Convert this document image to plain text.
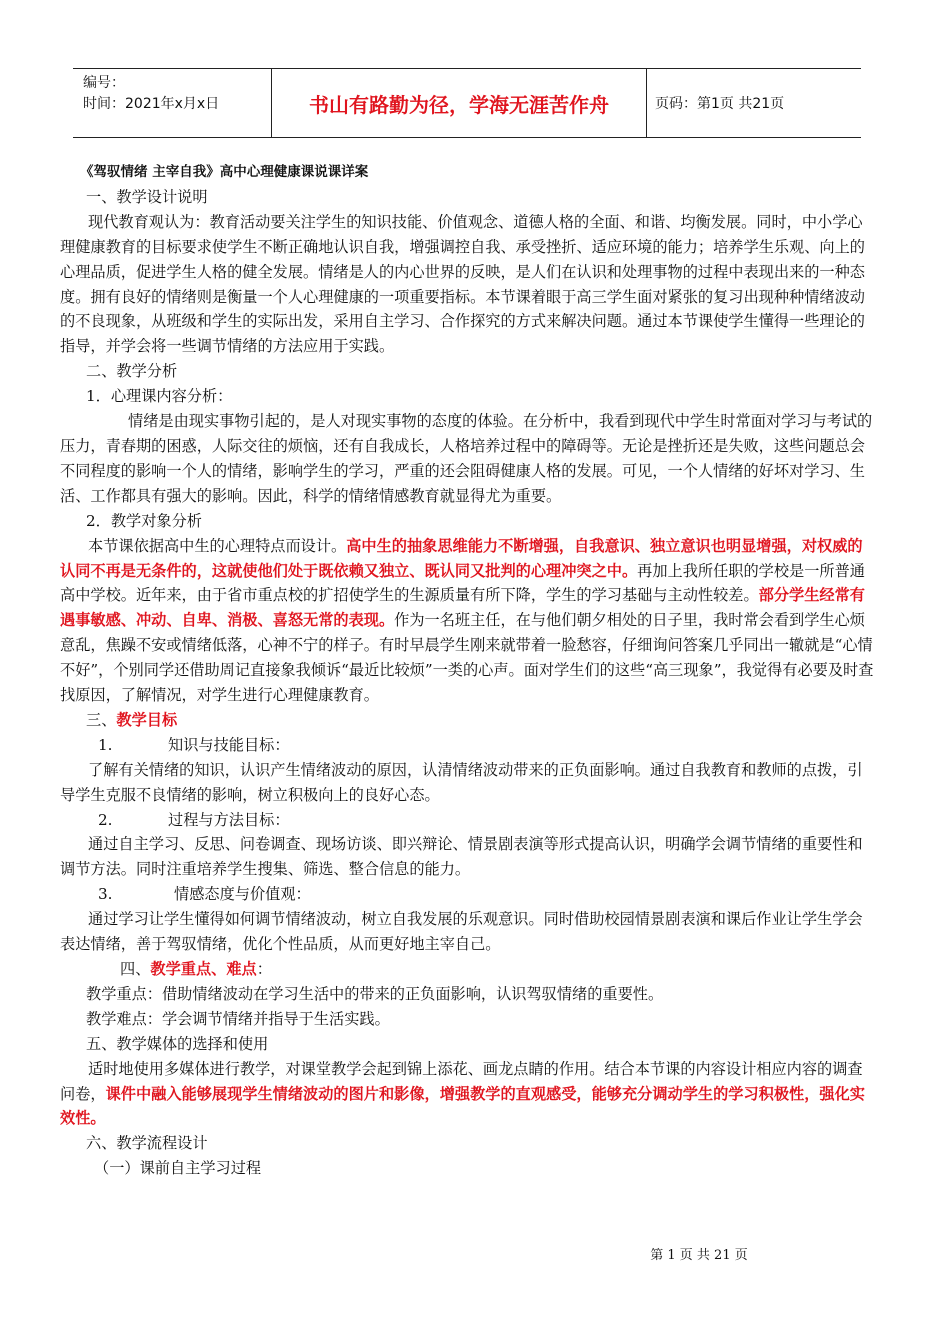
编号：
时间：2021年x月x日	书山有路勤为径，学海无涯苦作舟	页码：第1页 共21页

《驾驭情绪 主宰自我》高中心理健康课说课详案

一、教学设计说明

现代教育观认为：教育活动要关注学生的知识技能、价值观念、道德人格的全面、和谐、均衡发展。同时，中小学心理健康教育的目标要求使学生不断正确地认识自我，增强调控自我、承受挫折、适应环境的能力；培养学生乐观、向上的心理品质，促进学生人格的健全发展。情绪是人的内心世界的反映，是人们在认识和处理事物的过程中表现出来的一种态度。拥有良好的情绪则是衡量一个人心理健康的一项重要指标。本节课着眼于高三学生面对紧张的复习出现种种情绪波动的不良现象，从班级和学生的实际出发，采用自主学习、合作探究的方式来解决问题。通过本节课使学生懂得一些理论的指导，并学会将一些调节情绪的方法应用于实践。

二、教学分析

1．心理课内容分析：

情绪是由现实事物引起的，是人对现实事物的态度的体验。在分析中，我看到现代中学生时常面对学习与考试的压力，青春期的困惑，人际交往的烦恼，还有自我成长，人格培养过程中的障碍等。无论是挫折还是失败，这些问题总会不同程度的影响一个人的情绪，影响学生的学习，严重的还会阻碍健康人格的发展。可见，一个人情绪的好坏对学习、生活、工作都具有强大的影响。因此，科学的情绪情感教育就显得尤为重要。

2．教学对象分析

本节课依据高中生的心理特点而设计。高中生的抽象思维能力不断增强，自我意识、独立意识也明显增强，对权威的认同不再是无条件的，这就使他们处于既依赖又独立、既认同又批判的心理冲突之中。再加上我所任职的学校是一所普通高中学校。近年来，由于省市重点校的扩招使学生的生源质量有所下降，学生的学习基础与主动性较差。部分学生经常有遇事敏感、冲动、自卑、消极、喜怒无常的表现。作为一名班主任，在与他们朝夕相处的日子里，我时常会看到学生心烦意乱，焦躁不安或情绪低落，心神不宁的样子。有时早晨学生刚来就带着一脸愁容，仔细询问答案几乎同出一辙就是“心情不好”，个别同学还借助周记直接象我倾诉“最近比较烦”一类的心声。面对学生们的这些“高三现象”，我觉得有必要及时查找原因，了解情况，对学生进行心理健康教育。

三、教学目标

1.	知识与技能目标：

了解有关情绪的知识，认识产生情绪波动的原因，认清情绪波动带来的正负面影响。通过自我教育和教师的点拨，引导学生克服不良情绪的影响，树立积极向上的良好心态。

2.	过程与方法目标：

通过自主学习、反思、问卷调查、现场访谈、即兴辩论、情景剧表演等形式提高认识，明确学会调节情绪的重要性和调节方法。同时注重培养学生搜集、筛选、整合信息的能力。

3.	情感态度与价值观：

通过学习让学生懂得如何调节情绪波动，树立自我发展的乐观意识。同时借助校园情景剧表演和课后作业让学生学会表达情绪，善于驾驭情绪，优化个性品质，从而更好地主宰自己。

四、教学重点、难点：

教学重点：借助情绪波动在学习生活中的带来的正负面影响，认识驾驭情绪的重要性。

教学难点：学会调节情绪并指导于生活实践。

五、教学媒体的选择和使用

适时地使用多媒体进行教学，对课堂教学会起到锦上添花、画龙点睛的作用。结合本节课的内容设计相应内容的调查问卷，课件中融入能够展现学生情绪波动的图片和影像，增强教学的直观感受，能够充分调动学生的学习积极性，强化实效性。

六、教学流程设计

（一）课前自主学习过程

第 1 页 共 21 页
